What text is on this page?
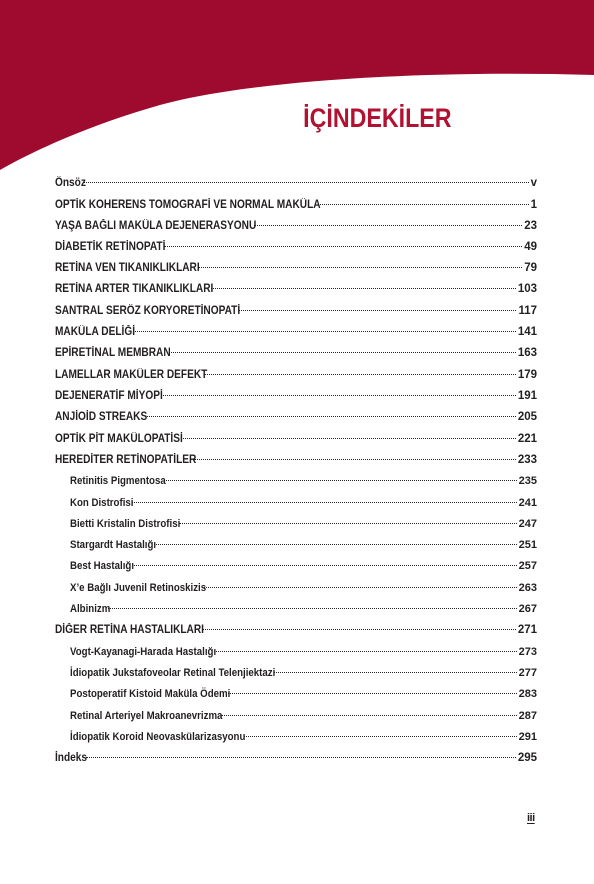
İÇİNDEKİLER
Önsöz	v
OPTİK KOHERENS TOMOGRAFİ VE NORMAL MAKÜLA	1
YAŞA BAĞLI MAKÜLA DEJENERASYONU	23
DİABETİK RETİNOPATİ	49
RETİNA VEN TIKANIKLIKLARI	79
RETİNA ARTER TIKANIKLIKLARI	103
SANTRAL SERÖZ KORYORETİNOPATİ	117
MAKÜLA DELİĞİ	141
EPİRETİNAL MEMBRAN	163
LAMELLAR MAKÜLER DEFEKT	179
DEJENERATİF MİYOPİ	191
ANJİOİD STREAKS	205
OPTİK PİT MAKÜLOPATİSİ	221
HEREDİTER RETİNOPATİLER	233
Retinitis Pigmentosa	235
Kon Distrofisi	241
Bietti Kristalin Distrofisi	247
Stargardt Hastalığı	251
Best Hastalığı	257
X’e Bağlı Juvenil Retinoskizis	263
Albinizm	267
DİĞER RETİNA HASTALIKLARI	271
Vogt-Kayanagi-Harada Hastalığı	273
İdiopatik Jukstafoveolar Retinal Telenjiektazi	277
Postoperatif Kistoid Maküla Ödemi	283
Retinal Arteriyel Makroanevrizma	287
İdiopatik Koroid Neovaskülarizasyonu	291
İndeks	295
iii
